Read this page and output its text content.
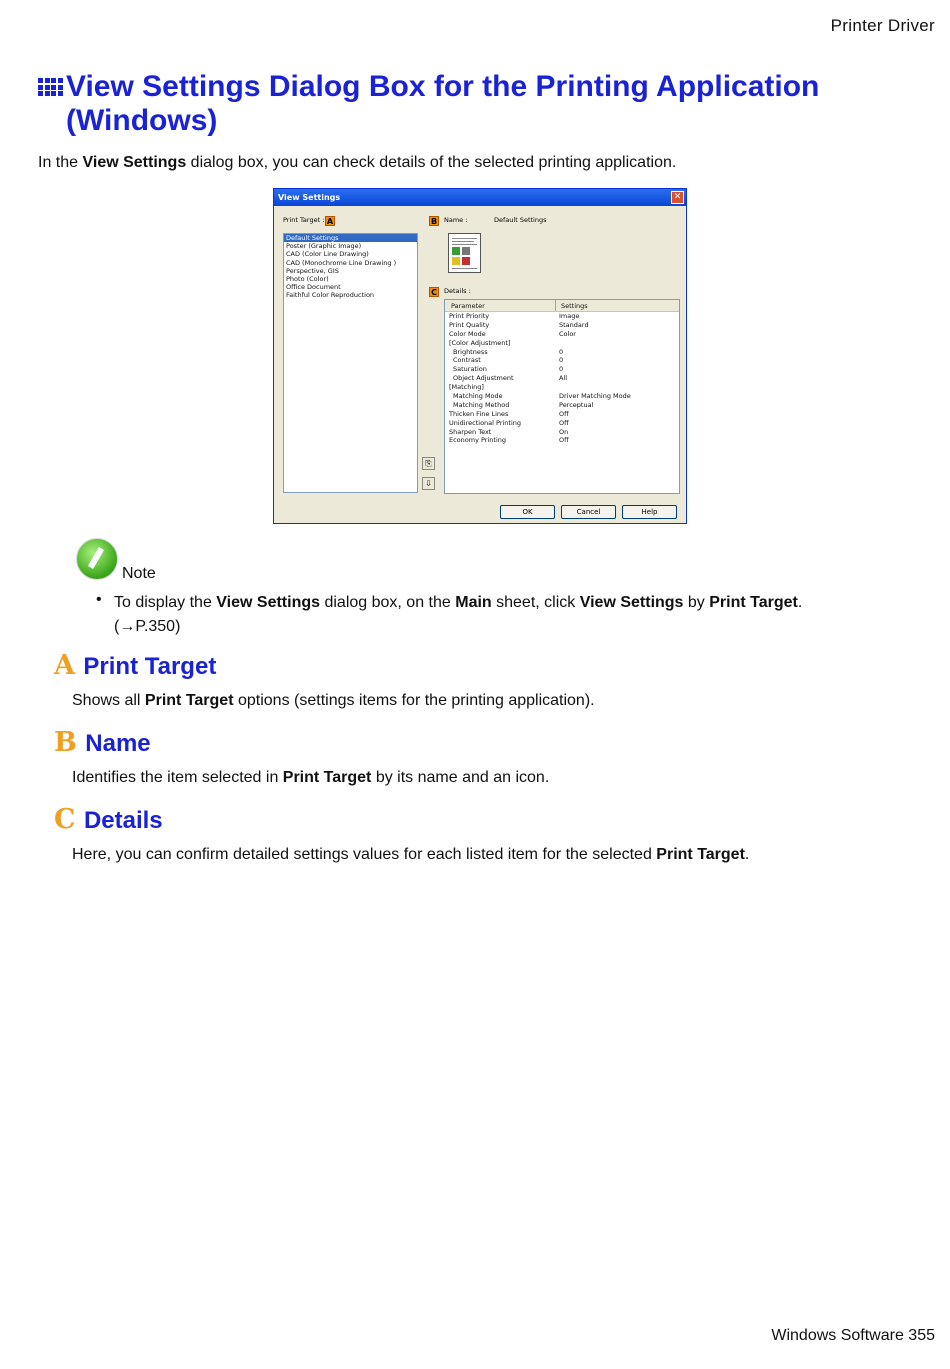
Printer Driver
View Settings Dialog Box for the Printing Application
(Windows)
In the View Settings dialog box, you can check details of the selected printing application.
View Settings	✕
Print Target : A
Default Settings
Poster (Graphic Image)
CAD (Color Line Drawing)
CAD (Monochrome Line Drawing )
Perspective, GIS
Photo (Color)
Office Document
Faithful Color Reproduction
B	Name :	Default Settings
C	Details :
Parameter	Settings
Print Priority	Image
Print Quality	Standard
Color Mode	Color
[Color Adjustment]
Brightness	0
Contrast	0
Saturation	0
Object Adjustment	All
[Matching]
Matching Mode	Driver Matching Mode
Matching Method	Perceptual
Thicken Fine Lines	Off
Unidirectional Printing	Off
Sharpen Text	On
Economy Printing	Off
⎘
⇩
OK	Cancel	Help
Note
• To display the View Settings dialog box, on the Main sheet, click View Settings by Print Target.
(→P.350)
A Print Target
Shows all Print Target options (settings items for the printing application).
B Name
Identifies the item selected in Print Target by its name and an icon.
C Details
Here, you can confirm detailed settings values for each listed item for the selected Print Target.
Windows Software 355
